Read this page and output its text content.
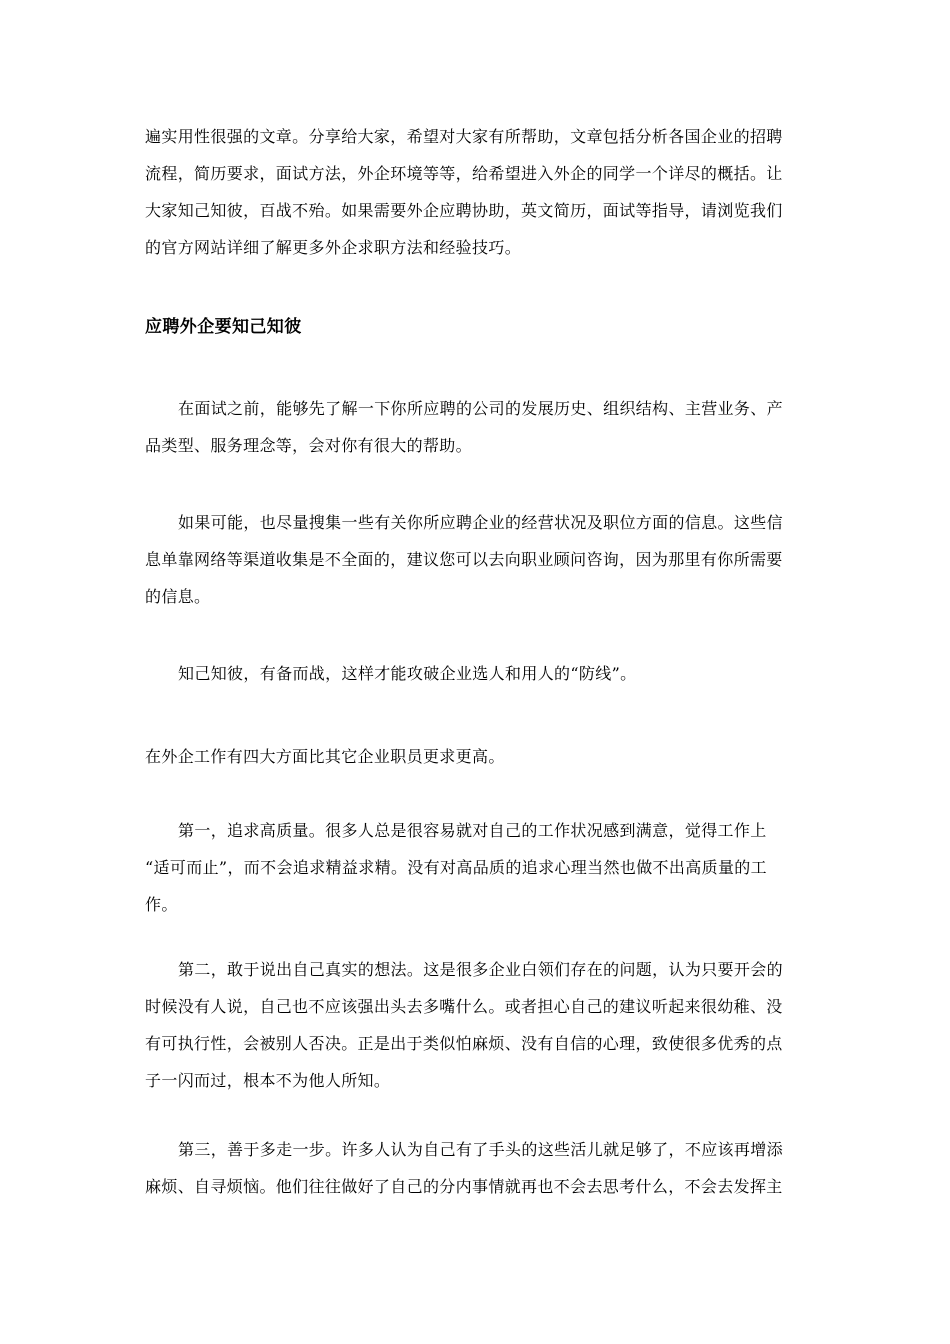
遍实用性很强的文章。分享给大家，希望对大家有所帮助，文章包括分析各国企业的招聘
流程，简历要求，面试方法，外企环境等等，给希望进入外企的同学一个详尽的概括。让
大家知己知彼，百战不殆。如果需要外企应聘协助，英文简历，面试等指导，请浏览我们
的官方网站详细了解更多外企求职方法和经验技巧。
应聘外企要知己知彼
在面试之前，能够先了解一下你所应聘的公司的发展历史、组织结构、主营业务、产
品类型、服务理念等，会对你有很大的帮助。
如果可能，也尽量搜集一些有关你所应聘企业的经营状况及职位方面的信息。这些信
息单靠网络等渠道收集是不全面的，建议您可以去向职业顾问咨询，因为那里有你所需要
的信息。
知己知彼，有备而战，这样才能攻破企业选人和用人的“防线”。
在外企工作有四大方面比其它企业职员更求更高。
第一，追求高质量。很多人总是很容易就对自己的工作状况感到满意，觉得工作上
“适可而止”，而不会追求精益求精。没有对高品质的追求心理当然也做不出高质量的工
作。
第二，敢于说出自己真实的想法。这是很多企业白领们存在的问题，认为只要开会的
时候没有人说，自己也不应该强出头去多嘴什么。或者担心自己的建议听起来很幼稚、没
有可执行性，会被别人否决。正是出于类似怕麻烦、没有自信的心理，致使很多优秀的点
子一闪而过，根本不为他人所知。
第三，善于多走一步。许多人认为自己有了手头的这些活儿就足够了，不应该再增添
麻烦、自寻烦恼。他们往往做好了自己的分内事情就再也不会去思考什么，不会去发挥主
